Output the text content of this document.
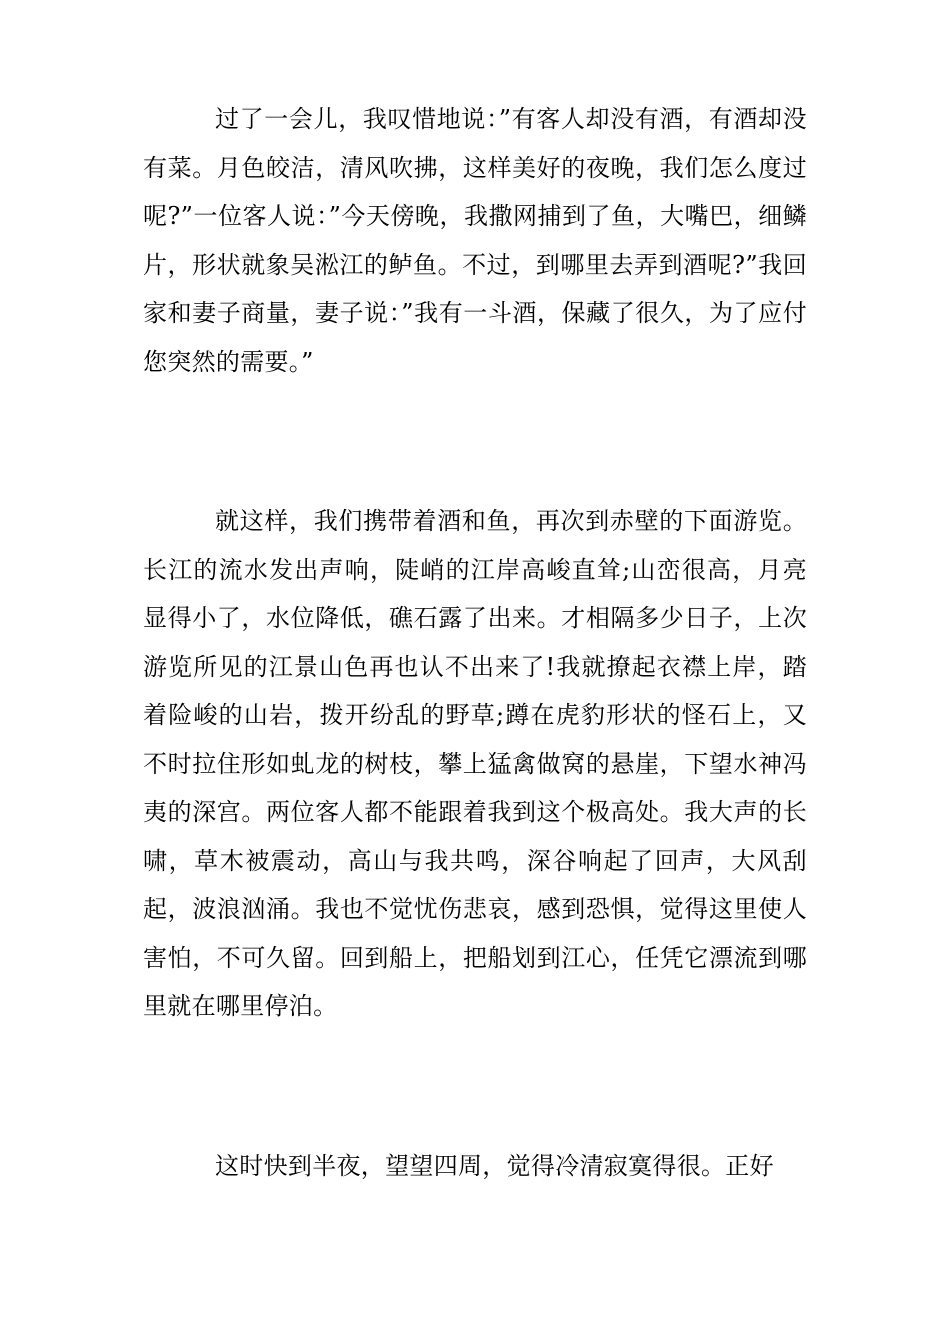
过了一会儿，我叹惜地说：”有客人却没有酒，有酒却没有菜。月色皎洁，清风吹拂，这样美好的夜晚，我们怎么度过呢?”一位客人说：”今天傍晚，我撒网捕到了鱼，大嘴巴，细鳞片，形状就象吴淞江的鲈鱼。不过，到哪里去弄到酒呢?”我回家和妻子商量，妻子说：”我有一斗酒，保藏了很久，为了应付您突然的需要。”

就这样，我们携带着酒和鱼，再次到赤壁的下面游览。长江的流水发出声响，陡峭的江岸高峻直耸;山峦很高，月亮显得小了，水位降低，礁石露了出来。才相隔多少日子，上次游览所见的江景山色再也认不出来了!我就撩起衣襟上岸，踏着险峻的山岩，拨开纷乱的野草;蹲在虎豹形状的怪石上，又不时拉住形如虬龙的树枝，攀上猛禽做窝的悬崖，下望水神冯夷的深宫。两位客人都不能跟着我到这个极高处。我大声的长啸，草木被震动，高山与我共鸣，深谷响起了回声，大风刮起，波浪汹涌。我也不觉忧伤悲哀，感到恐惧，觉得这里使人害怕，不可久留。回到船上，把船划到江心，任凭它漂流到哪里就在哪里停泊。

这时快到半夜，望望四周，觉得冷清寂寞得很。正好
